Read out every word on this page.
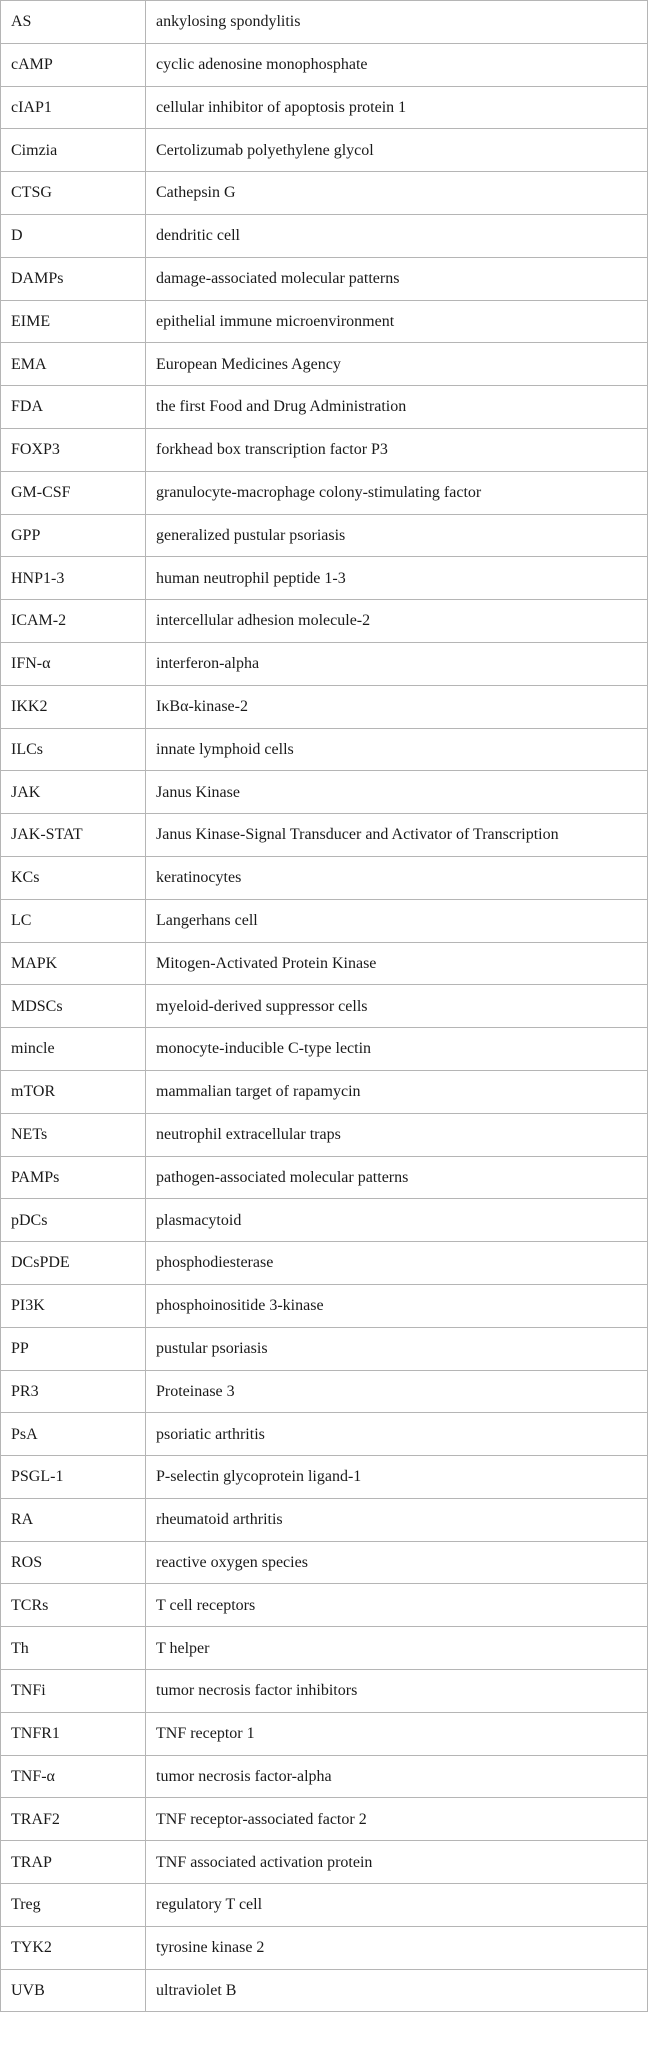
AS	ankylosing spondylitis
cAMP	cyclic adenosine monophosphate
cIAP1	cellular inhibitor of apoptosis protein 1
Cimzia	Certolizumab polyethylene glycol
CTSG	Cathepsin G
D	dendritic cell
DAMPs	damage-associated molecular patterns
EIME	epithelial immune microenvironment
EMA	European Medicines Agency
FDA	the first Food and Drug Administration
FOXP3	forkhead box transcription factor P3
GM-CSF	granulocyte-macrophage colony-stimulating factor
GPP	generalized pustular psoriasis
HNP1-3	human neutrophil peptide 1-3
ICAM-2	intercellular adhesion molecule-2
IFN-α	interferon-alpha
IKK2	IκBα-kinase-2
ILCs	innate lymphoid cells
JAK	Janus Kinase
JAK-STAT	Janus Kinase-Signal Transducer and Activator of Transcription
KCs	keratinocytes
LC	Langerhans cell
MAPK	Mitogen-Activated Protein Kinase
MDSCs	myeloid-derived suppressor cells
mincle	monocyte-inducible C-type lectin
mTOR	mammalian target of rapamycin
NETs	neutrophil extracellular traps
PAMPs	pathogen-associated molecular patterns
pDCs	plasmacytoid
DCsPDE	phosphodiesterase
PI3K	phosphoinositide 3-kinase
PP	pustular psoriasis
PR3	Proteinase 3
PsA	psoriatic arthritis
PSGL-1	P-selectin glycoprotein ligand-1
RA	rheumatoid arthritis
ROS	reactive oxygen species
TCRs	T cell receptors
Th	T helper
TNFi	tumor necrosis factor inhibitors
TNFR1	TNF receptor 1
TNF-α	tumor necrosis factor-alpha
TRAF2	TNF receptor-associated factor 2
TRAP	TNF associated activation protein
Treg	regulatory T cell
TYK2	tyrosine kinase 2
UVB	ultraviolet B
